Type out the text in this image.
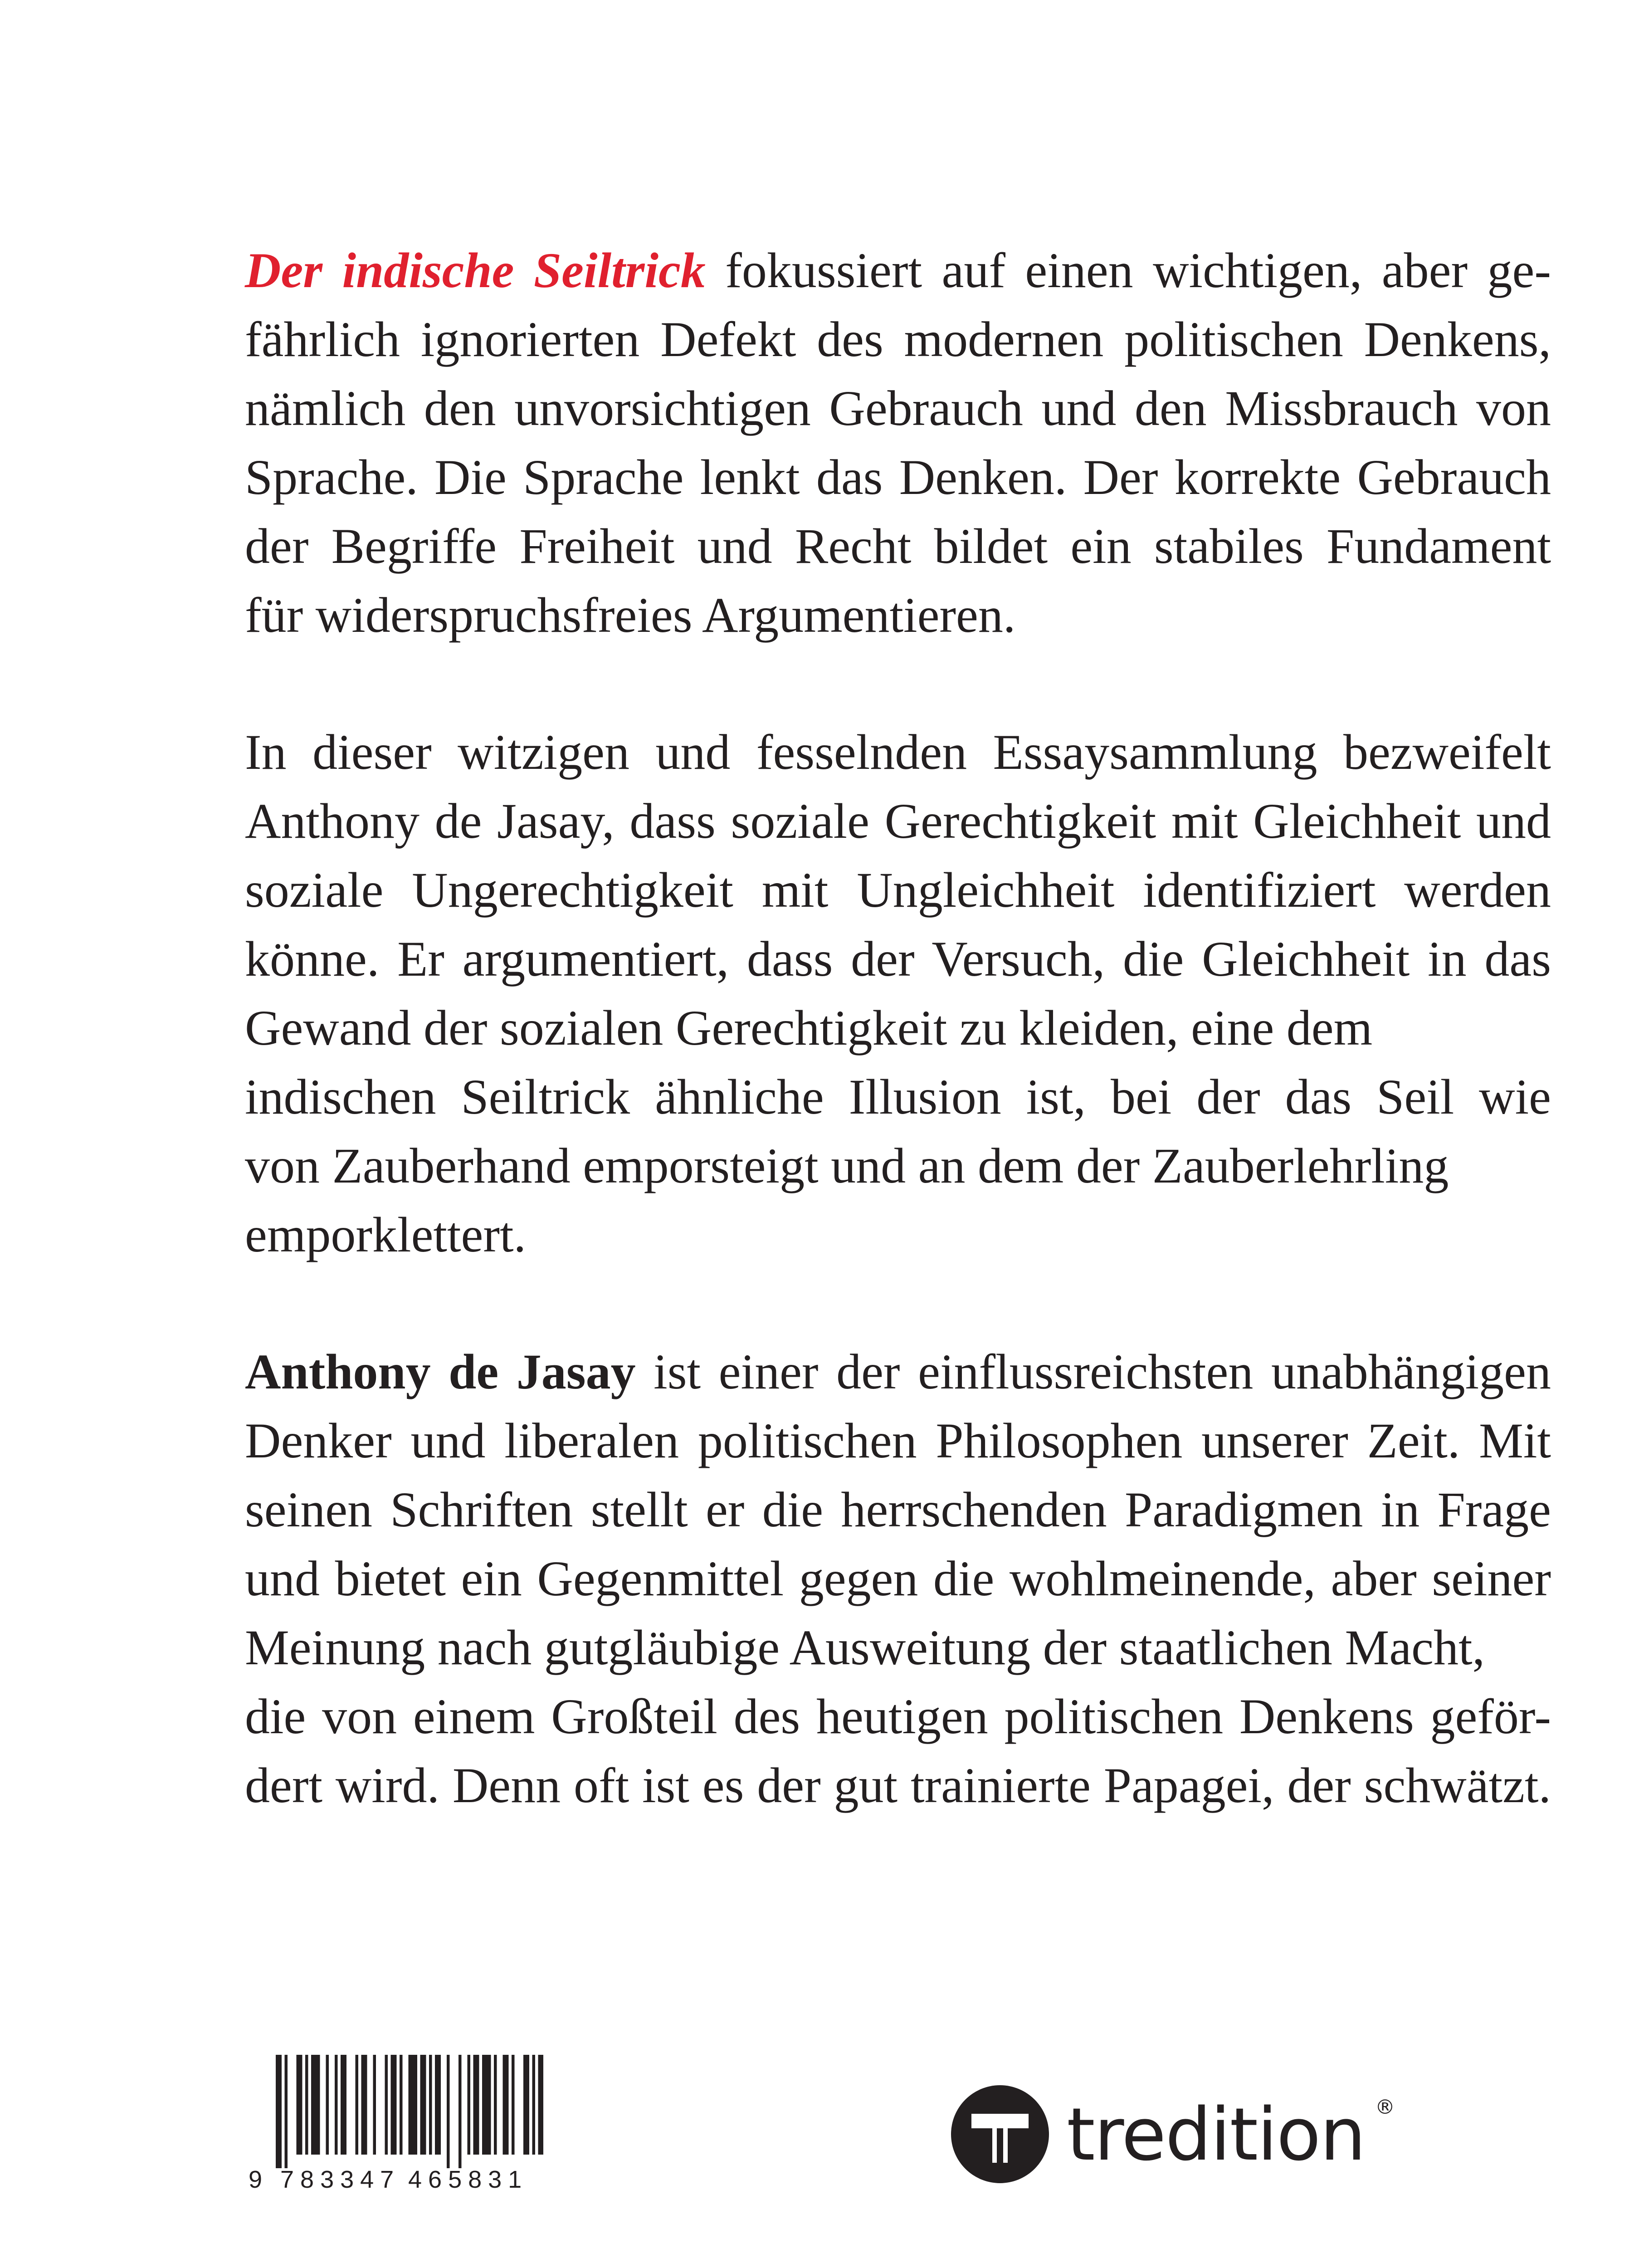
Der indische Seiltrick fokussiert auf einen wichtigen, aber ge-
fährlich ignorierten Defekt des modernen politischen Denkens,
nämlich den unvorsichtigen Gebrauch und den Missbrauch von
Sprache. Die Sprache lenkt das Denken. Der korrekte Gebrauch
der Begriffe Freiheit und Recht bildet ein stabiles Fundament
für widerspruchsfreies Argumentieren.

In dieser witzigen und fesselnden Essaysammlung bezweifelt
Anthony de Jasay, dass soziale Gerechtigkeit mit Gleichheit und
soziale Ungerechtigkeit mit Ungleichheit identifiziert werden
könne. Er argumentiert, dass der Versuch, die Gleichheit in das
Gewand der sozialen Gerechtigkeit zu kleiden, eine dem
indischen Seiltrick ähnliche Illusion ist, bei der das Seil wie
von Zauberhand emporsteigt und an dem der Zauberlehrling
emporklettert.

Anthony de Jasay ist einer der einflussreichsten unabhängigen
Denker und liberalen politischen Philosophen unserer Zeit. Mit
seinen Schriften stellt er die herrschenden Paradigmen in Frage
und bietet ein Gegenmittel gegen die wohlmeinende, aber seiner
Meinung nach gutgläubige Ausweitung der staatlichen Macht,
die von einem Großteil des heutigen politischen Denkens geför-
dert wird. Denn oft ist es der gut trainierte Papagei, der schwätzt.

9 783347 465831
tredition ®
